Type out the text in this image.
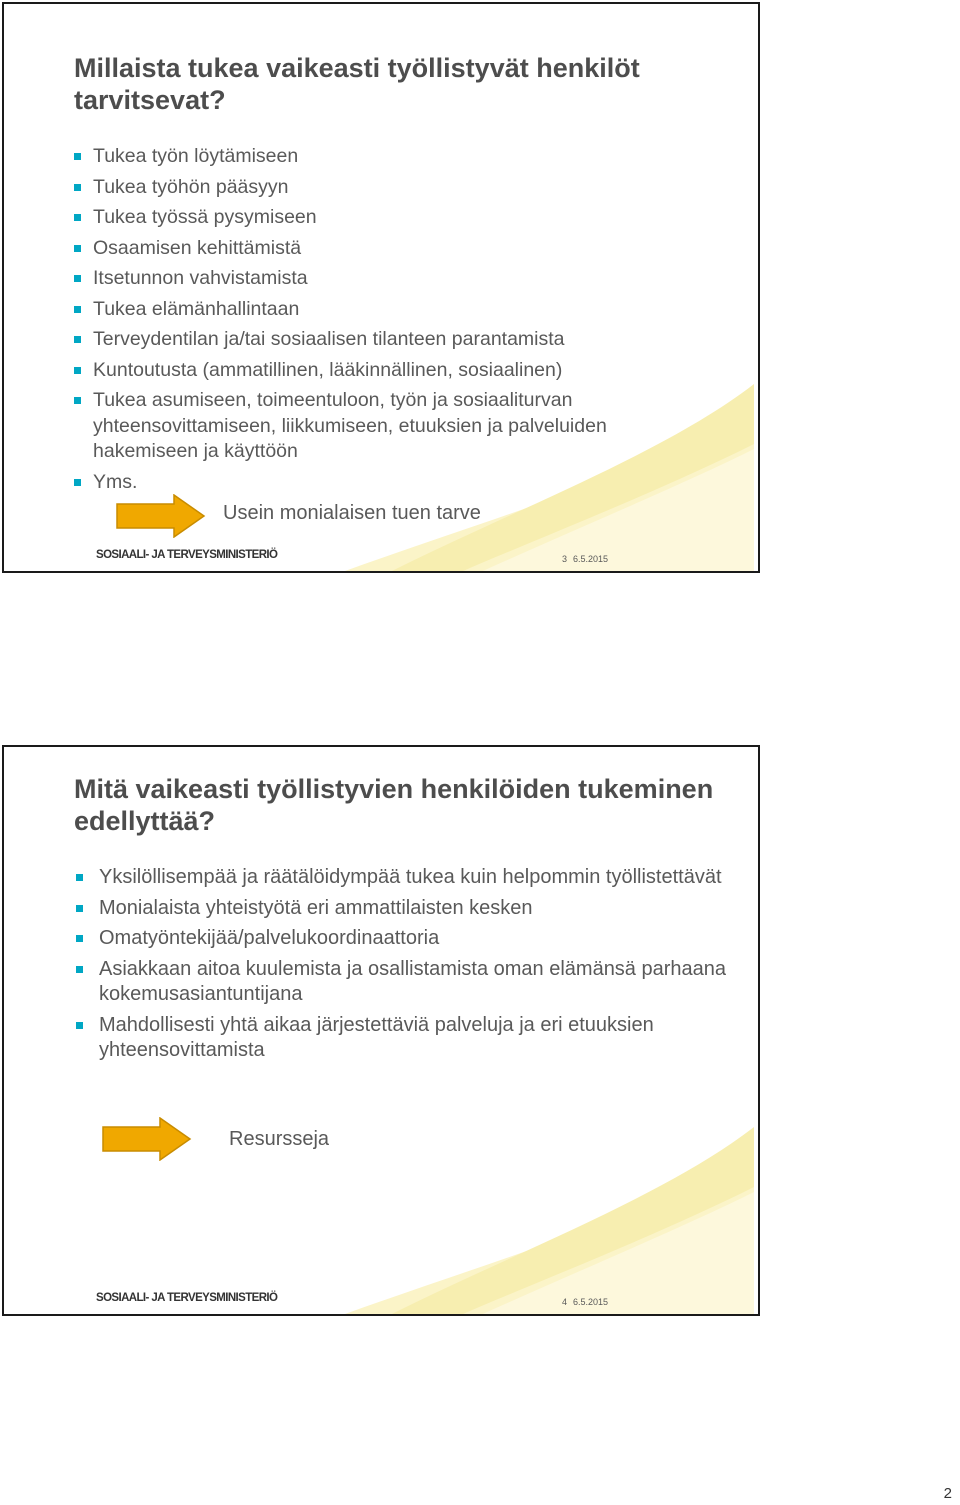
Millaista tukea vaikeasti työllistyvät henkilöt tarvitsevat?
Tukea työn löytämiseen
Tukea työhön pääsyyn
Tukea työssä pysymiseen
Osaamisen kehittämistä
Itsetunnon vahvistamista
Tukea elämänhallintaan
Terveydentilan ja/tai sosiaalisen tilanteen parantamista
Kuntoutusta (ammatillinen, lääkinnällinen, sosiaalinen)
Tukea asumiseen, toimeentuloon, työn ja sosiaaliturvan yhteensovittamiseen, liikkumiseen, etuuksien ja palveluiden hakemiseen ja käyttöön
Yms.
Usein monialaisen tuen tarve
SOSIAALI- JA TERVEYSMINISTERIÖ	3 6.5.2015
Mitä vaikeasti työllistyvien henkilöiden tukeminen edellyttää?
Yksilöllisempää ja räätälöidympää tukea kuin helpommin työllistettävät
Monialaista yhteistyötä eri ammattilaisten kesken
Omatyöntekijää/palvelukoordinaattoria
Asiakkaan aitoa kuulemista ja osallistamista oman elämänsä parhaana kokemusasiantuntijana
Mahdollisesti yhtä aikaa järjestettäviä palveluja ja eri etuuksien yhteensovittamista
Resursseja
SOSIAALI- JA TERVEYSMINISTERIÖ	4 6.5.2015
2
